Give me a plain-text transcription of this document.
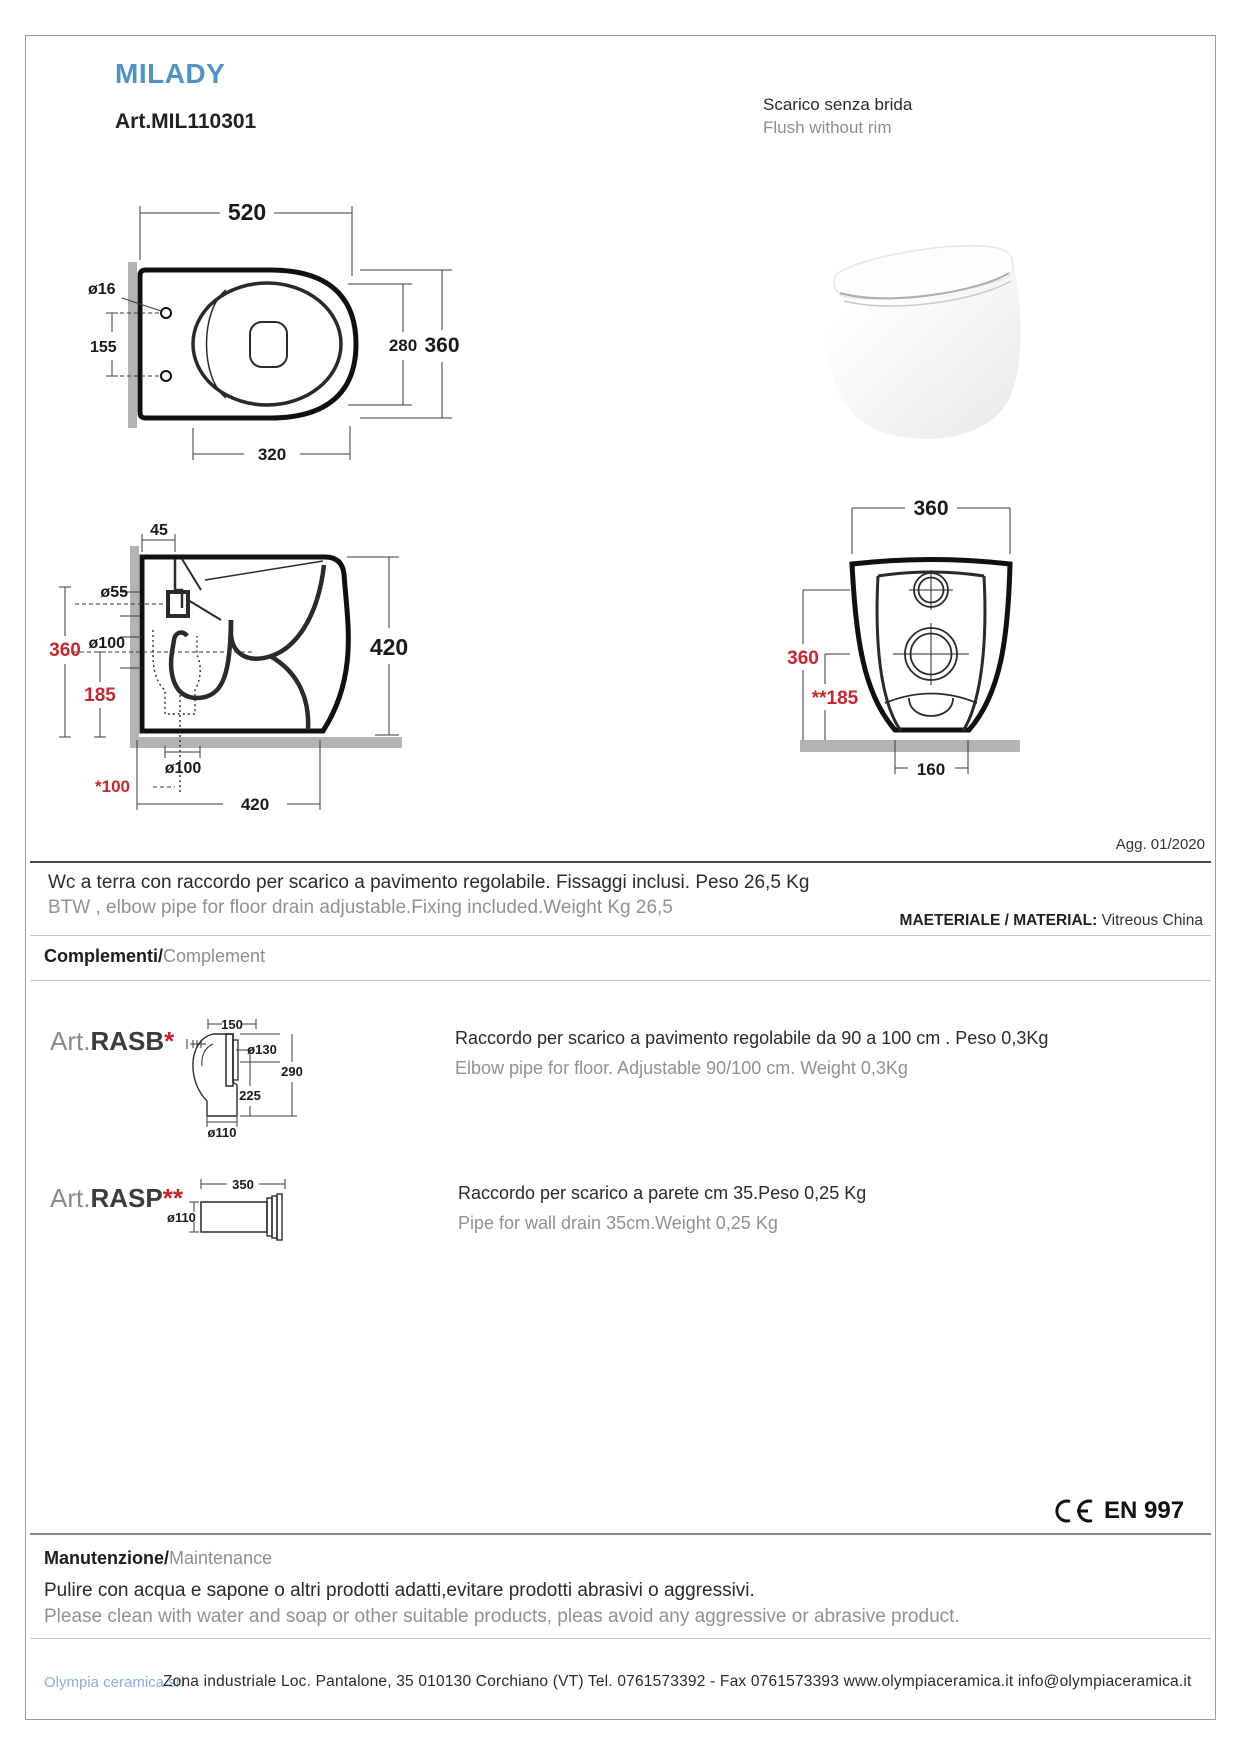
MILADY
Art.MIL110301
Scarico senza brida
Flush without rim
520
ø16
155	280 360
320
45
ø55
360 ø100
185
420
ø100
*100
420
360
360
**185
160
Agg. 01/2020
Wc a terra con raccordo per scarico a pavimento regolabile. Fissaggi inclusi. Peso 26,5 Kg
BTW , elbow pipe for floor drain adjustable.Fixing included.Weight Kg 26,5
MAETERIALE / MATERIAL: Vitreous China
Complementi/Complement
Art.RASB*
150
ø130
290
225
ø110
Raccordo per scarico a pavimento regolabile da 90 a 100 cm . Peso 0,3Kg
Elbow pipe for floor. Adjustable 90/100 cm. Weight 0,3Kg
Art.RASP**	350
ø110
Raccordo per scarico a parete cm 35.Peso 0,25 Kg
Pipe for wall drain 35cm.Weight 0,25 Kg
EN 997
Manutenzione/Maintenance
Pulire con acqua e sapone o altri prodotti adatti,evitare prodotti abrasivi o aggressivi.
Please clean with water and soap or other suitable products, pleas avoid any aggressive or abrasive product.
Olympia ceramica srl
Zona industriale Loc. Pantalone, 35 010130 Corchiano (VT) Tel. 0761573392 - Fax 0761573393 www.olympiaceramica.it info@olympiaceramica.it
